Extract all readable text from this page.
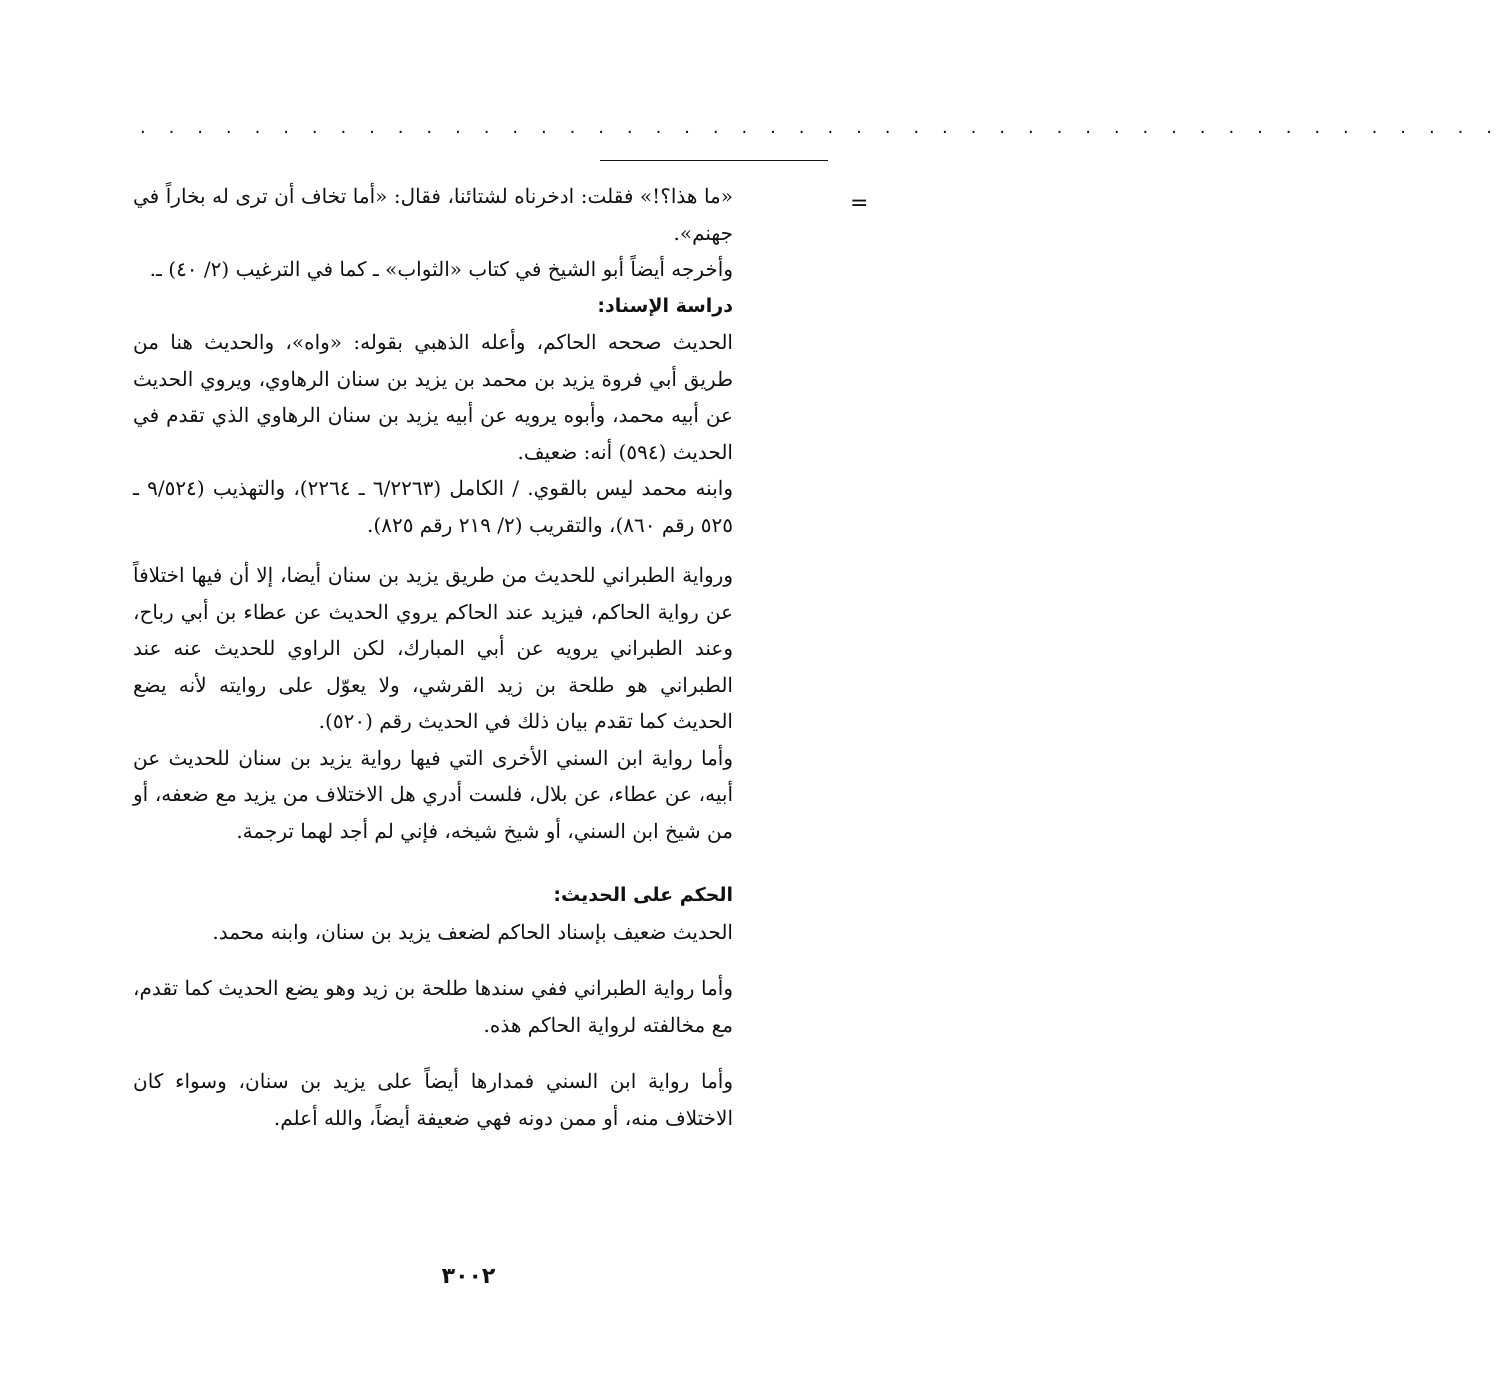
. . . . . . . . . . . . . . . . . . . . . . . . . . . . . . . . . . . . . . . . . . . . . . . .
=

«ما هذا؟!» فقلت: ادخرناه لشتائنا، فقال: «أما تخاف أن ترى له بخاراً في جهنم».

وأخرجه أيضاً أبو الشيخ في كتاب «الثواب» ـ كما في الترغيب (٢/ ٤٠) ـ.

دراسة الإسناد:

الحديث صححه الحاكم، وأعله الذهبي بقوله: «واه»، والحديث هنا من طريق أبي فروة يزيد بن محمد بن يزيد بن سنان الرهاوي، ويروي الحديث عن أبيه محمد، وأبوه يرويه عن أبيه يزيد بن سنان الرهاوي الذي تقدم في الحديث (٥٩٤) أنه: ضعيف.

وابنه محمد ليس بالقوي. / الكامل (٦/٢٢٦٣ ـ ٢٢٦٤)، والتهذيب (٩/٥٢٤ ـ ٥٢٥ رقم ٨٦٠)، والتقريب (٢/ ٢١٩ رقم ٨٢٥).

ورواية الطبراني للحديث من طريق يزيد بن سنان أيضا، إلا أن فيها اختلافاً عن رواية الحاكم، فيزيد عند الحاكم يروي الحديث عن عطاء بن أبي رباح، وعند الطبراني يرويه عن أبي المبارك، لكن الراوي للحديث عنه عند الطبراني هو طلحة بن زيد القرشي، ولا يعوّل على روايته لأنه يضع الحديث كما تقدم بيان ذلك في الحديث رقم (٥٢٠).

وأما رواية ابن السني الأخرى التي فيها رواية يزيد بن سنان للحديث عن أبيه، عن عطاء، عن بلال، فلست أدري هل الاختلاف من يزيد مع ضعفه، أو من شيخ ابن السني، أو شيخ شيخه، فإني لم أجد لهما ترجمة.

الحكم على الحديث:

الحديث ضعيف بإسناد الحاكم لضعف يزيد بن سنان، وابنه محمد.

وأما رواية الطبراني ففي سندها طلحة بن زيد وهو يضع الحديث كما تقدم، مع مخالفته لرواية الحاكم هذه.

وأما رواية ابن السني فمدارها أيضاً على يزيد بن سنان، وسواء كان الاختلاف منه، أو ممن دونه فهي ضعيفة أيضاً، والله أعلم.

٣٠٠٢
